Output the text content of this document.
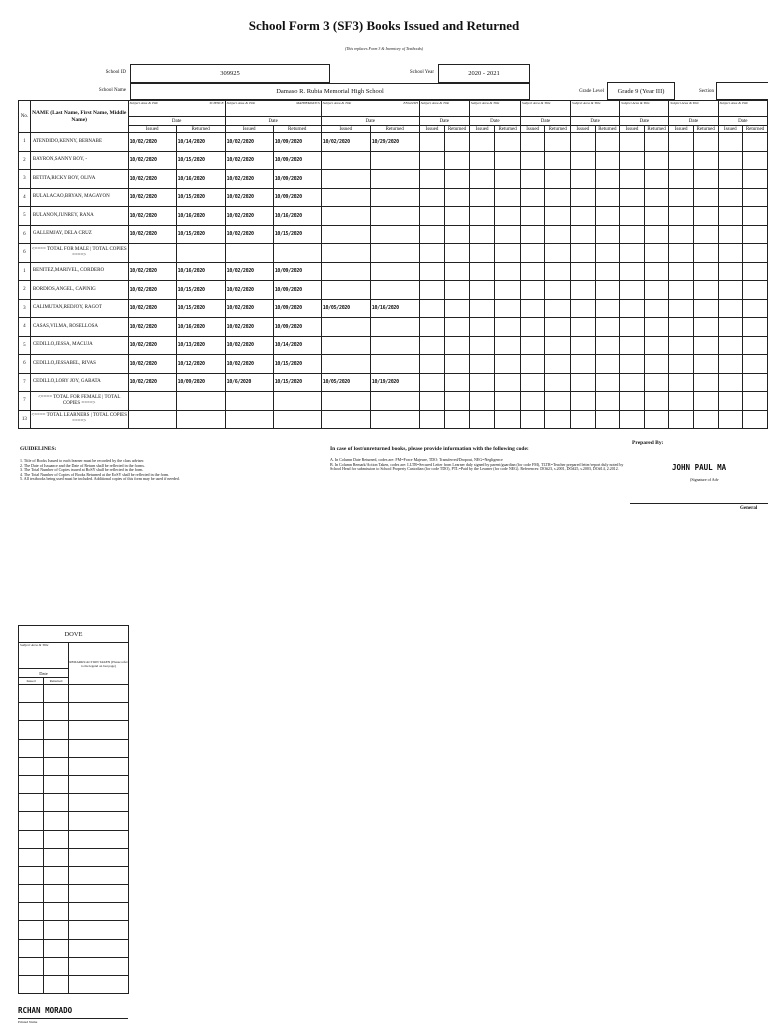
School Form 3 (SF3) Books Issued and Returned
(This replaces Form 3 & Inventory of Textbooks)
School ID	309925	School Year	2020 - 2021
School Name	Damaso R. Rubia Memorial High School	Grade Level	Grade 9 (Year III)	Section
No.	NAME (Last Name, First Name, Middle Name)	Subject Area & Title SCIENCE		Subject Area & Title MATHEMATICS		Subject Area & Title ENGLISH		Subject Area & Title		Subject Area & Title		Subject Area & Title		Subject Area & Title		Subject Area & Title		Subject Area & Title		Subject Area & Title	

		Date		Date		Date		Date		Date		Date		Date		Date		Date		Date	
		Issued	Returned	Issued	Returned	Issued	Returned	Issued	Returned	Issued	Returned	Issued	Returned	Issued	Returned	Issued	Returned	Issued	Returned	Issued	Returned
1	ATENDIDO,KENNY, BERNABE	10/02/2020	10/14/2020	10/02/2020	10/09/2020	10/02/2020	10/29/2020														
2	BAYRON,SANNY BOY, -	10/02/2020	10/15/2020	10/02/2020	10/09/2020																
3	BETITA,RICKY BOY, OLIVA	10/02/2020	10/16/2020	10/02/2020	10/09/2020																
4	BULALACAO,BRYAN, MAGAYON	10/02/2020	10/15/2020	10/02/2020	10/09/2020																
5	BULANON,JUNREY, RANA	10/02/2020	10/16/2020	10/02/2020	10/16/2020																
6	GALLEMJAY, DELA CRUZ	10/02/2020	10/15/2020	10/02/2020	10/15/2020																
6	<==== TOTAL FOR MALE | TOTAL COPIES ====>																				
1	BENITEZ,MARIVEL, CORDERO	10/02/2020	10/16/2020	10/02/2020	10/09/2020																
2	BORDIOS,ANGEL, CAPINIG	10/02/2020	10/15/2020	10/02/2020	10/09/2020																
3	CALIMUTAN,REDJOY, RAGOT	10/02/2020	10/15/2020	10/02/2020	10/09/2020	10/05/2020	10/16/2020														
4	CASAS,VILMA, ROSELLOSA	10/02/2020	10/16/2020	10/02/2020	10/09/2020																
5	CEDILLO,JESSA, MACUJA	10/02/2020	10/13/2020	10/02/2020	10/14/2020																
6	CEDILLO,JESSABEL, RIVAS	10/02/2020	10/12/2020	10/02/2020	10/15/2020																
7	CEDILLO,LORY JOY, GABATA	10/02/2020	10/09/2020	10/6/2020	10/15/2020	10/05/2020	10/19/2020														
7	<==== TOTAL FOR FEMALE | TOTAL COPIES ====>																				
13	<==== TOTAL LEARNERS | TOTAL COPIES ====>																				
GUIDELINES:
1. Title of Books Issued to each learner must be recorded by the class adviser.
2. The Date of Issuance and the Date of Return shall be reflected in the forms.
3. The Total Number of Copies issued at BoSY shall be reflected in the form.
4. The Total Number of Copies of Books Returned at the EoSY shall be reflected in the form.
5. All textbooks being used must be included. Additional copies of this form may be used if needed.
In case of lost/unreturned books, please provide information with the following code:
A. In Column Date Returned, codes are: FM=Force Majeure, TDO: Transferred/Dropout, NEG=Negligence
B. In Column Remark/Action Taken, codes are: LLTR=Secured Letter from Learner duly signed by parent/guardian (for code FM), TLTR=Teacher prepared letter/report duly noted by School Head for submission to School Property Custodian (for code TDO), PTL=Paid by the Learner (for code NEG). References: DO#23, s.2001, DO#25, s.2003, DO#14, 2.2012.
Prepared By:
JOHN PAUL MA
(Signature of Adv
General
DOVE		
Subject Area & Title		REMARKS/ACTION TAKEN (Please refer to the legend on last page)
Date		
Issued	Returned	

RCHAN MORADO
Printed Name
